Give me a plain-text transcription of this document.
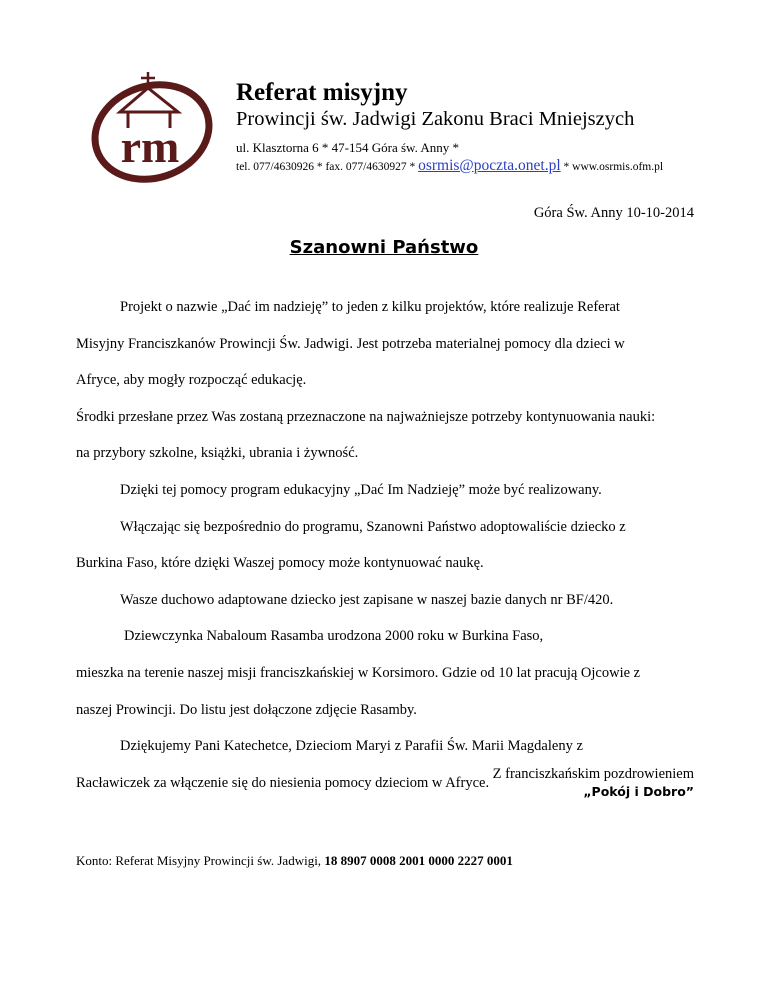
rm
Referat misyjny
Prowincji św. Jadwigi Zakonu Braci Mniejszych
ul. Klasztorna 6 * 47-154 Góra św. Anny *
tel. 077/4630926 * fax. 077/4630927 * osrmis@poczta.onet.pl * www.osrmis.ofm.pl
Góra Św. Anny 10-10-2014
Szanowni Państwo

Projekt o nazwie „Dać im nadzieję” to jeden z kilku projektów, które realizuje Referat

Misyjny Franciszkanów Prowincji Św. Jadwigi. Jest potrzeba materialnej pomocy dla dzieci w

Afryce, aby mogły rozpocząć edukację.

Środki przesłane przez Was zostaną przeznaczone na najważniejsze potrzeby kontynuowania nauki:

na przybory szkolne, książki, ubrania i żywność.

Dzięki tej pomocy program edukacyjny „Dać Im Nadzieję” może być realizowany.

Włączając się bezpośrednio do programu, Szanowni Państwo adoptowaliście dziecko z

Burkina Faso, które dzięki Waszej pomocy może kontynuować naukę.

Wasze duchowo adaptowane dziecko jest zapisane w naszej bazie danych nr BF/420.

Dziewczynka Nabaloum Rasamba urodzona 2000 roku w Burkina Faso,

mieszka na terenie naszej misji franciszkańskiej w Korsimoro. Gdzie od 10 lat pracują Ojcowie z

naszej Prowincji. Do listu jest dołączone zdjęcie Rasamby.

Dziękujemy Pani Katechetce, Dzieciom Maryi z Parafii Św. Marii Magdaleny z

Racławiczek za włączenie się do niesienia pomocy dzieciom w Afryce.

Z franciszkańskim pozdrowieniem
„Pokój i Dobro”
Konto: Referat Misyjny Prowincji św. Jadwigi, 18 8907 0008 2001 0000 2227 0001
